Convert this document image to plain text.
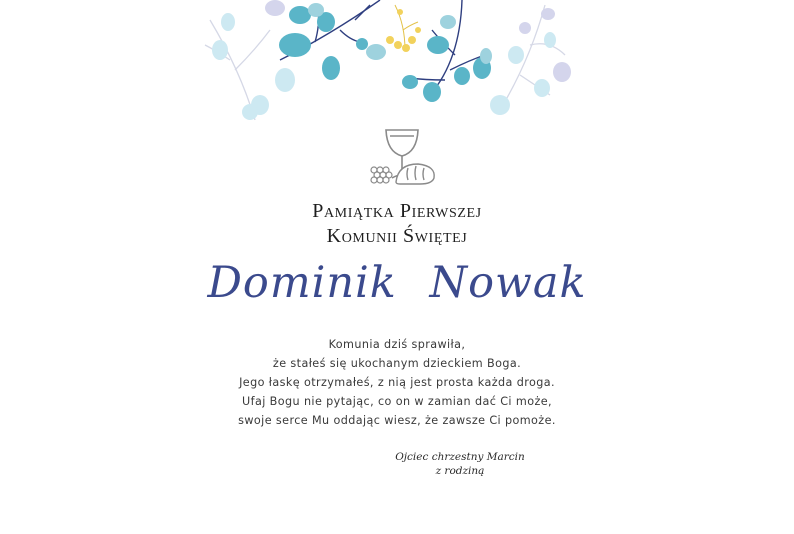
Pamiątka Pierwszej
Komunii Świętej
Dominik Nowak
Komunia dziś sprawiła,
że stałeś się ukochanym dzieckiem Boga.
Jego łaskę otrzymałeś, z nią jest prosta każda droga.
Ufaj Bogu nie pytając, co on w zamian dać Ci może,
swoje serce Mu oddając wiesz, że zawsze Ci pomoże.
Ojciec chrzestny Marcin
z rodziną
